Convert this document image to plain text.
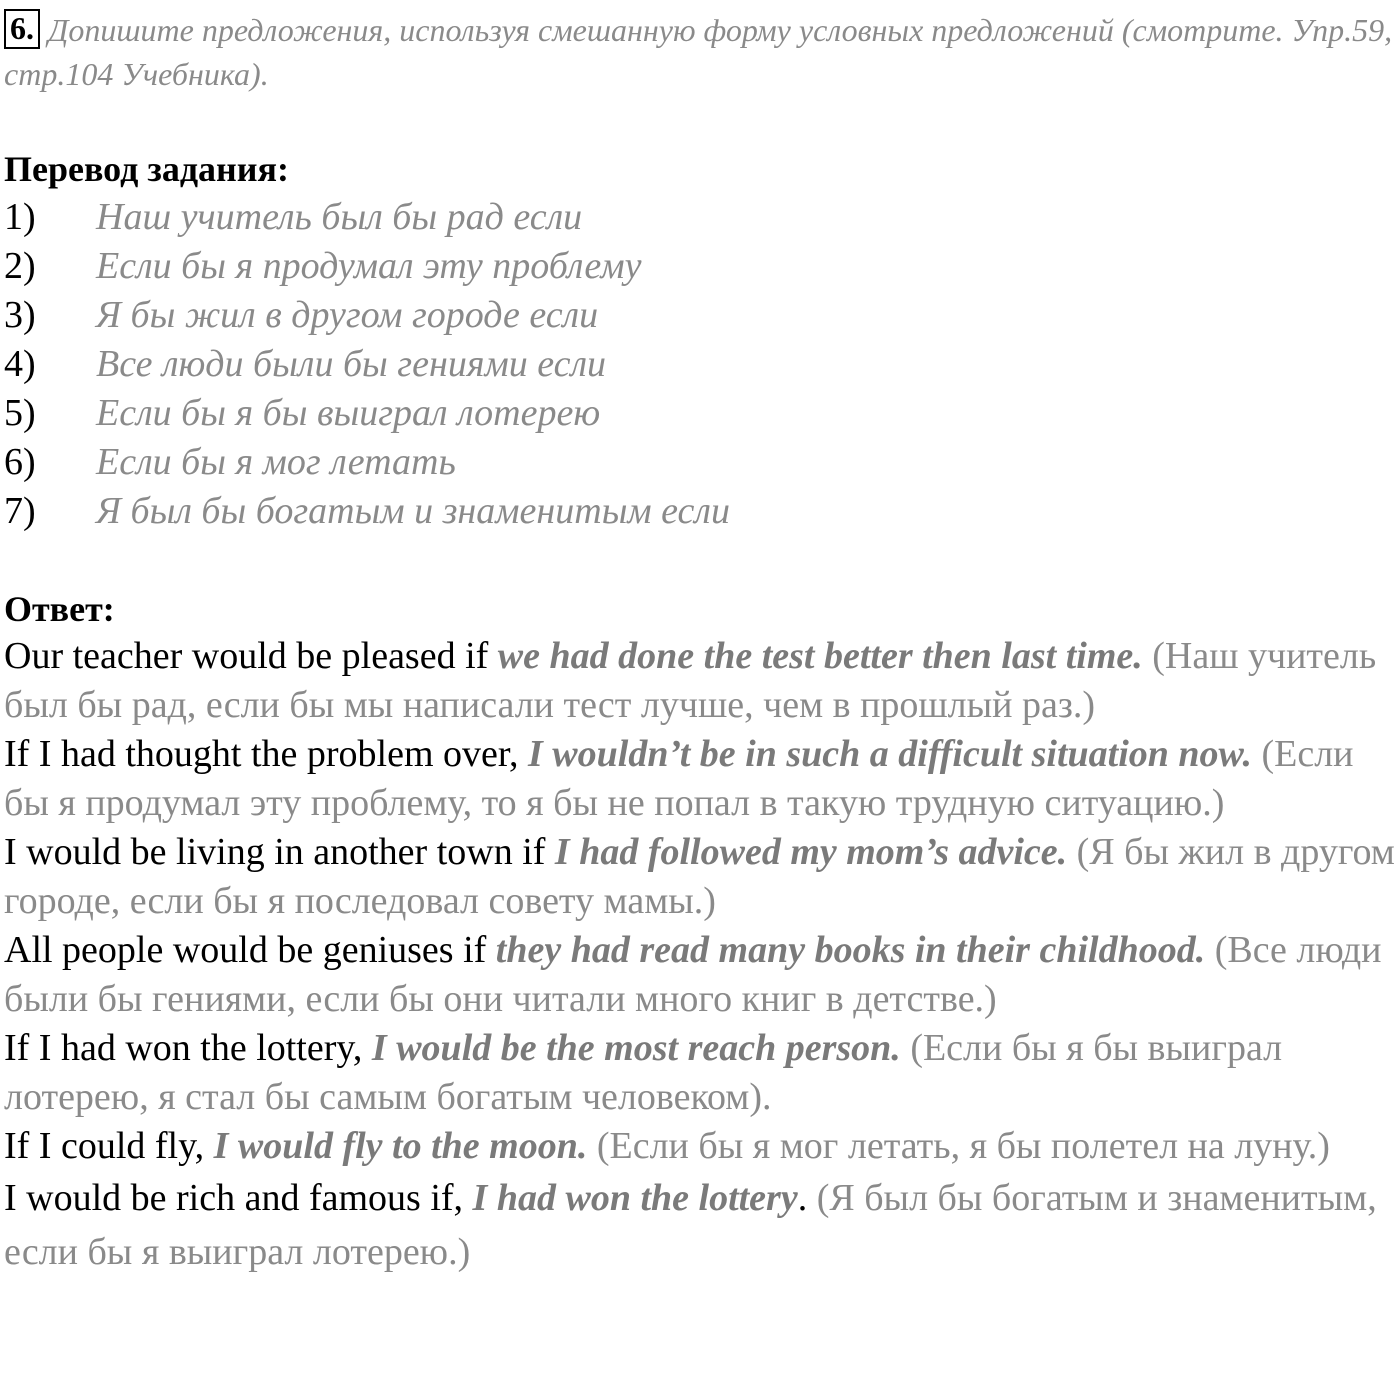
6. Допишите предложения, используя смешанную форму условных предложений (смотрите. Упр.59, стр.104 Учебника).
Перевод задания:
1) Наш учитель был бы рад если
2) Если бы я продумал эту проблему
3) Я бы жил в другом городе если
4) Все люди были бы гениями если
5) Если бы я бы выиграл лотерею
6) Если бы я мог летать
7) Я был бы богатым и знаменитым если
Ответ:

Our teacher would be pleased if we had done the test better then last time. (Наш учитель был бы рад, если бы мы написали тест лучше, чем в прошлый раз.)

If I had thought the problem over, I wouldn’t be in such a difficult situation now. (Если бы я продумал эту проблему, то я бы не попал в такую трудную ситуацию.)

I would be living in another town if I had followed my mom’s advice. (Я бы жил в другом городе, если бы я последовал совету мамы.)

All people would be geniuses if they had read many books in their childhood. (Все люди были бы гениями, если бы они читали много книг в детстве.)

If I had won the lottery, I would be the most reach person. (Если бы я бы выиграл лотерею, я стал бы самым богатым человеком).

If I could fly, I would fly to the moon. (Если бы я мог летать, я бы полетел на луну.)

I would be rich and famous if, I had won the lottery. (Я был бы богатым и знаменитым, если бы я выиграл лотерею.)
